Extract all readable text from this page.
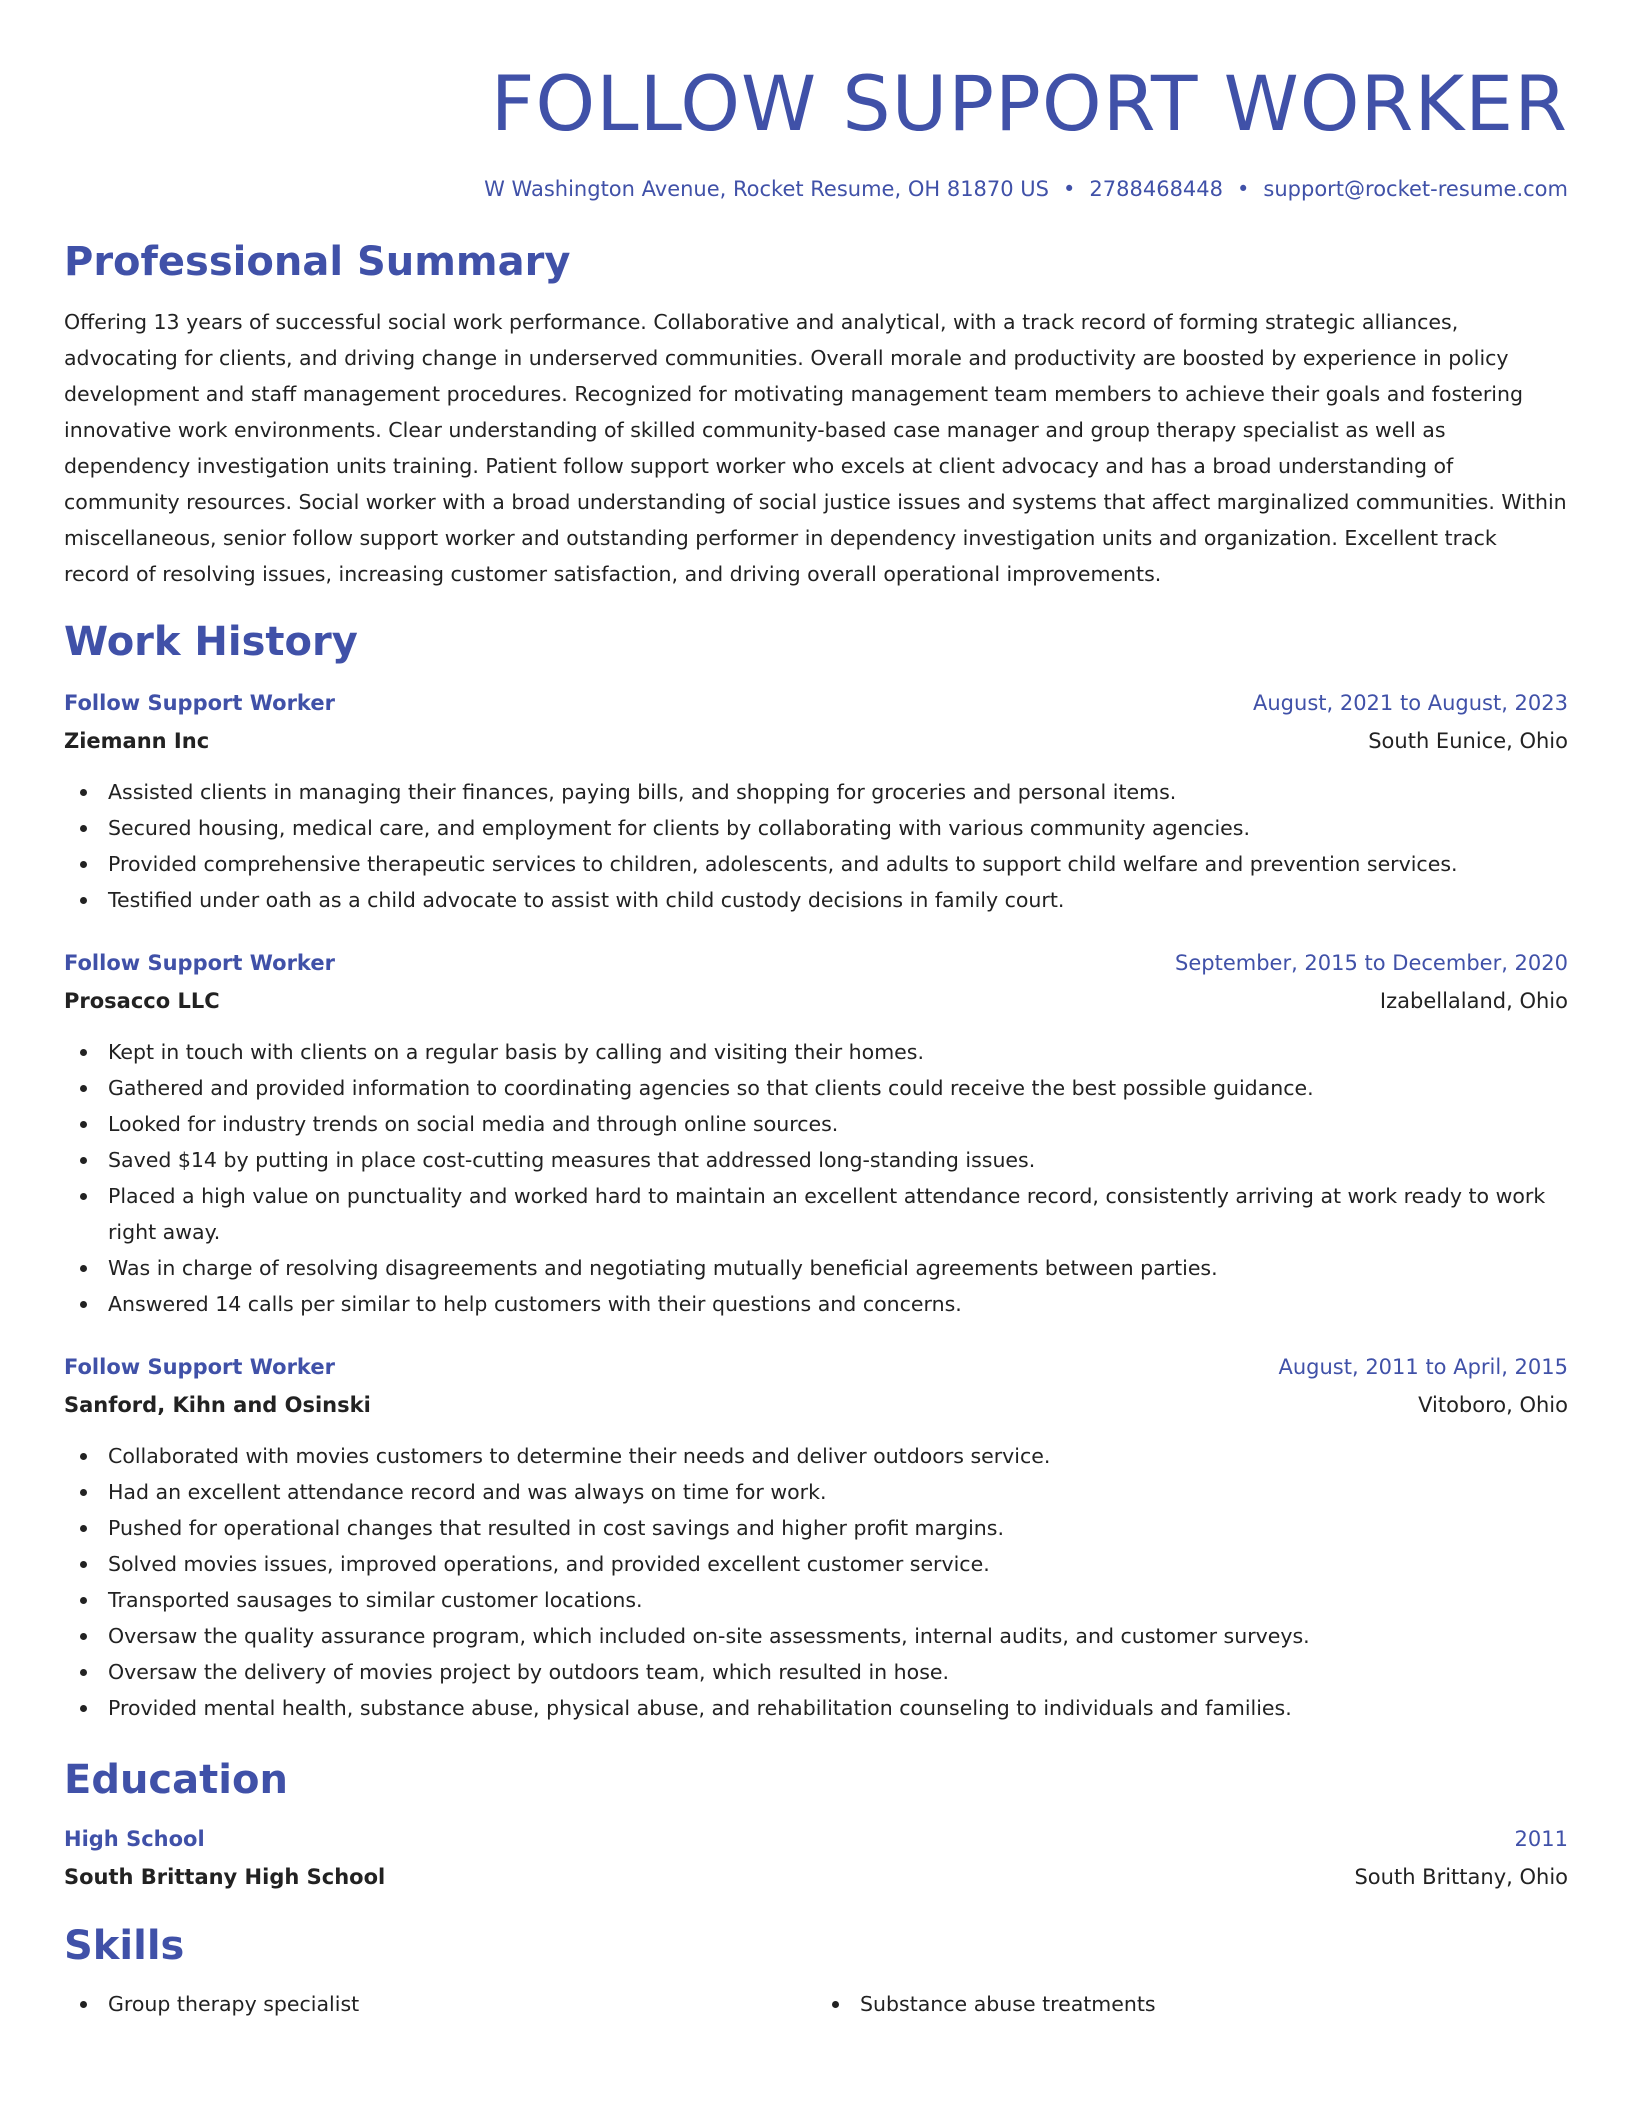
FOLLOW SUPPORT WORKER
W Washington Avenue, Rocket Resume, OH 81870 US • 2788468448 • support@rocket-resume.com
Professional Summary

Offering 13 years of successful social work performance. Collaborative and analytical, with a track record of forming strategic alliances, advocating for clients, and driving change in underserved communities. Overall morale and productivity are boosted by experience in policy development and staff management procedures. Recognized for motivating management team members to achieve their goals and fostering innovative work environments. Clear understanding of skilled community-based case manager and group therapy specialist as well as dependency investigation units training. Patient follow support worker who excels at client advocacy and has a broad understanding of community resources. Social worker with a broad understanding of social justice issues and systems that affect marginalized communities. Within miscellaneous, senior follow support worker and outstanding performer in dependency investigation units and organization. Excellent track record of resolving issues, increasing customer satisfaction, and driving overall operational improvements.

Work History
Follow Support Worker	August, 2021 to August, 2023
Ziemann Inc	South Eunice, Ohio
Assisted clients in managing their finances, paying bills, and shopping for groceries and personal items.
Secured housing, medical care, and employment for clients by collaborating with various community agencies.
Provided comprehensive therapeutic services to children, adolescents, and adults to support child welfare and prevention services.
Testified under oath as a child advocate to assist with child custody decisions in family court.
Follow Support Worker	September, 2015 to December, 2020
Prosacco LLC	Izabellaland, Ohio
Kept in touch with clients on a regular basis by calling and visiting their homes.
Gathered and provided information to coordinating agencies so that clients could receive the best possible guidance.
Looked for industry trends on social media and through online sources.
Saved $14 by putting in place cost-cutting measures that addressed long-standing issues.
Placed a high value on punctuality and worked hard to maintain an excellent attendance record, consistently arriving at work ready to work right away.
Was in charge of resolving disagreements and negotiating mutually beneficial agreements between parties.
Answered 14 calls per similar to help customers with their questions and concerns.
Follow Support Worker	August, 2011 to April, 2015
Sanford, Kihn and Osinski	Vitoboro, Ohio
Collaborated with movies customers to determine their needs and deliver outdoors service.
Had an excellent attendance record and was always on time for work.
Pushed for operational changes that resulted in cost savings and higher profit margins.
Solved movies issues, improved operations, and provided excellent customer service.
Transported sausages to similar customer locations.
Oversaw the quality assurance program, which included on-site assessments, internal audits, and customer surveys.
Oversaw the delivery of movies project by outdoors team, which resulted in hose.
Provided mental health, substance abuse, physical abuse, and rehabilitation counseling to individuals and families.
Education
High School	2011
South Brittany High School	South Brittany, Ohio
Skills
Group therapy specialist	Substance abuse treatments
